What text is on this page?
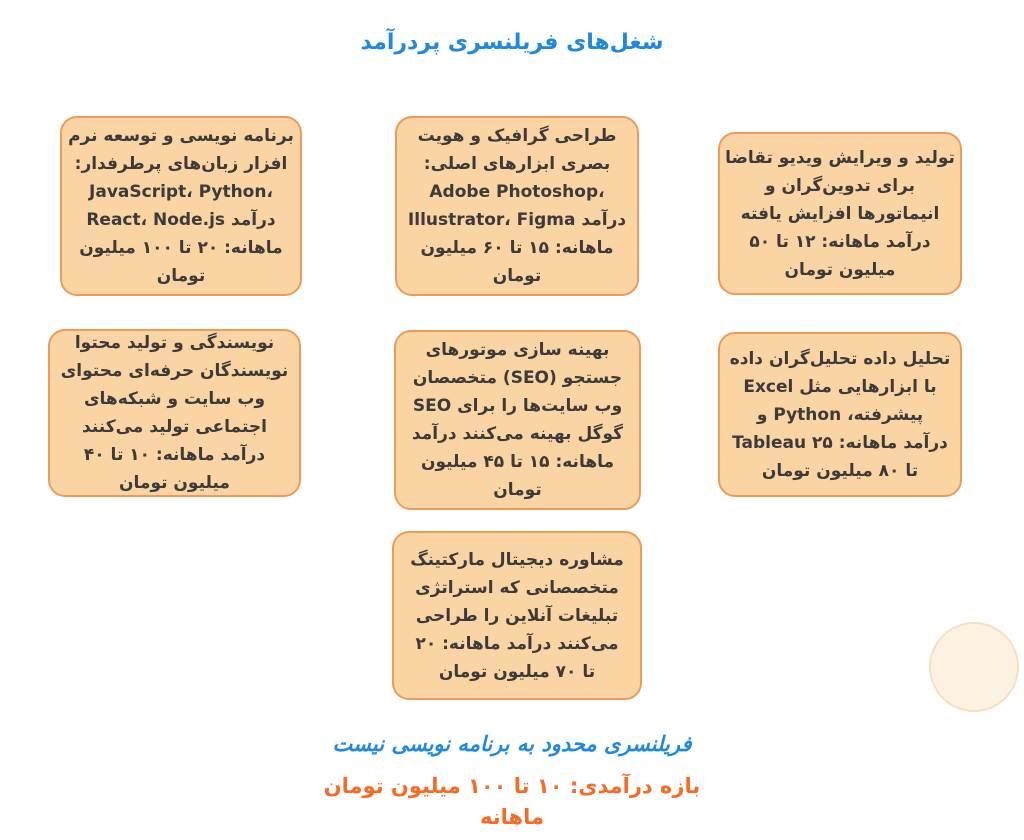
شغل‌های فریلنسری پردرآمد
برنامه نویسی و توسعه نرم
افزار زبان‌های پرطرفدار:
JavaScript، Python،
React، Node.js درآمد
ماهانه: ۲۰ تا ۱۰۰ میلیون
تومان
طراحی گرافیک و هویت
بصری ابزارهای اصلی:
Adobe Photoshop،
Illustrator، Figma درآمد
ماهانه: ۱۵ تا ۶۰ میلیون
تومان
تولید و ویرایش ویدیو تقاضا
برای تدوین‌گران و
انیماتورها افزایش یافته
درآمد ماهانه: ۱۲ تا ۵۰
میلیون تومان
نویسندگی و تولید محتوا
نویسندگان حرفه‌ای محتوای
وب سایت و شبکه‌های
اجتماعی تولید می‌کنند
درآمد ماهانه: ۱۰ تا ۴۰
میلیون تومان
بهینه سازی موتورهای
جستجو (SEO) متخصصان
SEO وب سایت‌ها را برای
گوگل بهینه می‌کنند درآمد
ماهانه: ۱۵ تا ۴۵ میلیون
تومان
تحلیل داده تحلیل‌گران داده
با ابزارهایی مثل Excel
پیشرفته، Python و
Tableau درآمد ماهانه: ۲۵
تا ۸۰ میلیون تومان
مشاوره دیجیتال مارکتینگ
متخصصانی که استراتژی
تبلیغات آنلاین را طراحی
می‌کنند درآمد ماهانه: ۲۰
تا ۷۰ میلیون تومان
فریلنسری محدود به برنامه نویسی نیست
بازه درآمدی: ۱۰ تا ۱۰۰ میلیون تومان
ماهانه
